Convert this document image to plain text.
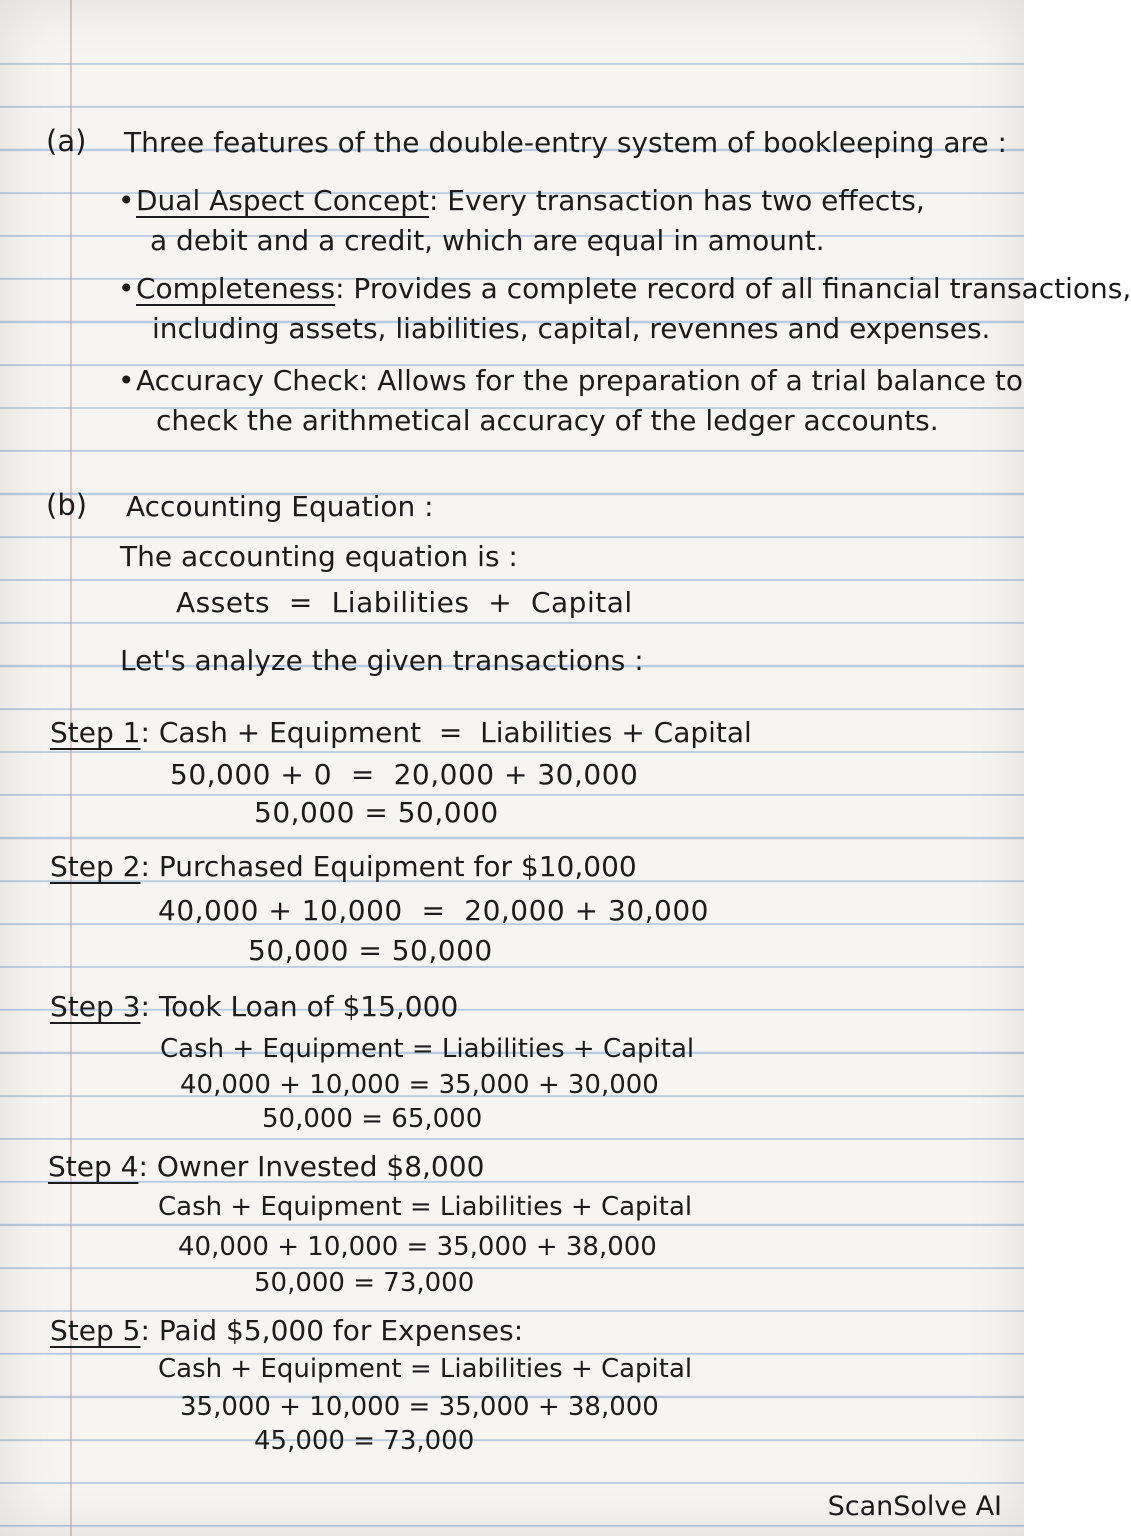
(a) Three features of the double-entry system of bookleeping are :
•Dual Aspect Concept: Every transaction has two effects,
a debit and a credit, which are equal in amount.
•Completeness: Provides a complete record of all financial transactions,
including assets, liabilities, capital, revennes and expenses.
•Accuracy Check: Allows for the preparation of a trial balance to
check the arithmetical accuracy of the ledger accounts.
(b) Accounting Equation :
The accounting equation is :
Assets  =  Liabilities  +  Capital
Let's analyze the given transactions :
Step 1: Cash + Equipment  =  Liabilities + Capital
50,000 + 0  =  20,000 + 30,000
50,000 = 50,000
Step 2: Purchased Equipment for $10,000
40,000 + 10,000  =  20,000 + 30,000
50,000 = 50,000
Step 3: Took Loan of $15,000
Cash + Equipment = Liabilities + Capital
40,000 + 10,000 = 35,000 + 30,000
50,000 = 65,000
Step 4: Owner Invested $8,000
Cash + Equipment = Liabilities + Capital
40,000 + 10,000 = 35,000 + 38,000
50,000 = 73,000
Step 5: Paid $5,000 for Expenses:
Cash + Equipment = Liabilities + Capital
35,000 + 10,000 = 35,000 + 38,000
45,000 = 73,000
ScanSolve AI
